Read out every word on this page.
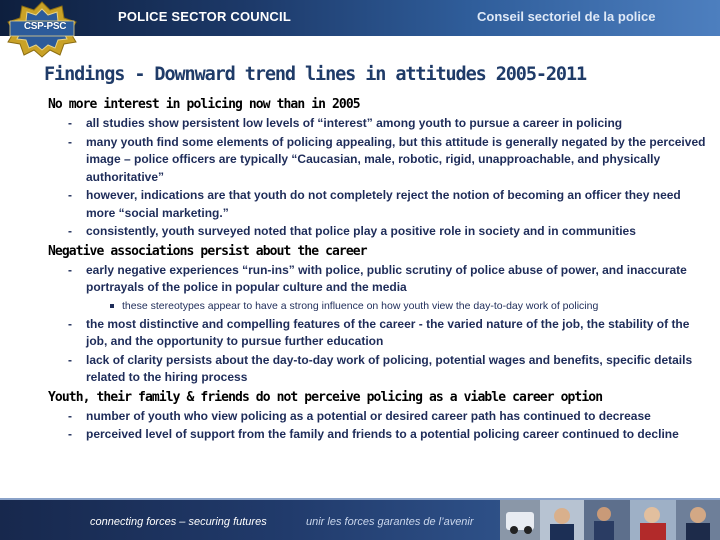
POLICE SECTOR COUNCIL	Conseil sectoriel de la police
CSP-PSC
Findings - Downward trend lines in attitudes 2005-2011

No more interest in policing now than in 2005

- all studies show persistent low levels of “interest” among youth to pursue a career in policing
- many youth find some elements of policing appealing, but this attitude is generally negated by the perceived image – police officers are typically “Caucasian, male, robotic, rigid, unapproachable, and physically authoritative”
- however, indications are that youth do not completely reject the notion of becoming an officer they need more “social marketing.”
- consistently, youth surveyed noted that police play a positive role in society and in communities

Negative associations persist about the career

- early negative experiences “run-ins” with police, public scrutiny of police abuse of power, and inaccurate portrayals of the police in popular culture and the media
these stereotypes appear to have a strong influence on how youth view the day-to-day work of policing
- the most distinctive and compelling features of the career - the varied nature of the job, the stability of the job, and the opportunity to pursue further education
- lack of clarity persists about the day-to-day work of policing, potential wages and benefits, specific details related to the hiring process

Youth, their family & friends do not perceive policing as a viable career option

- number of youth who view policing as a potential or desired career path has continued to decrease
- perceived level of support from the family and friends to a potential policing career continued to decline
connecting forces – securing futures	unir les forces garantes de l’avenir
